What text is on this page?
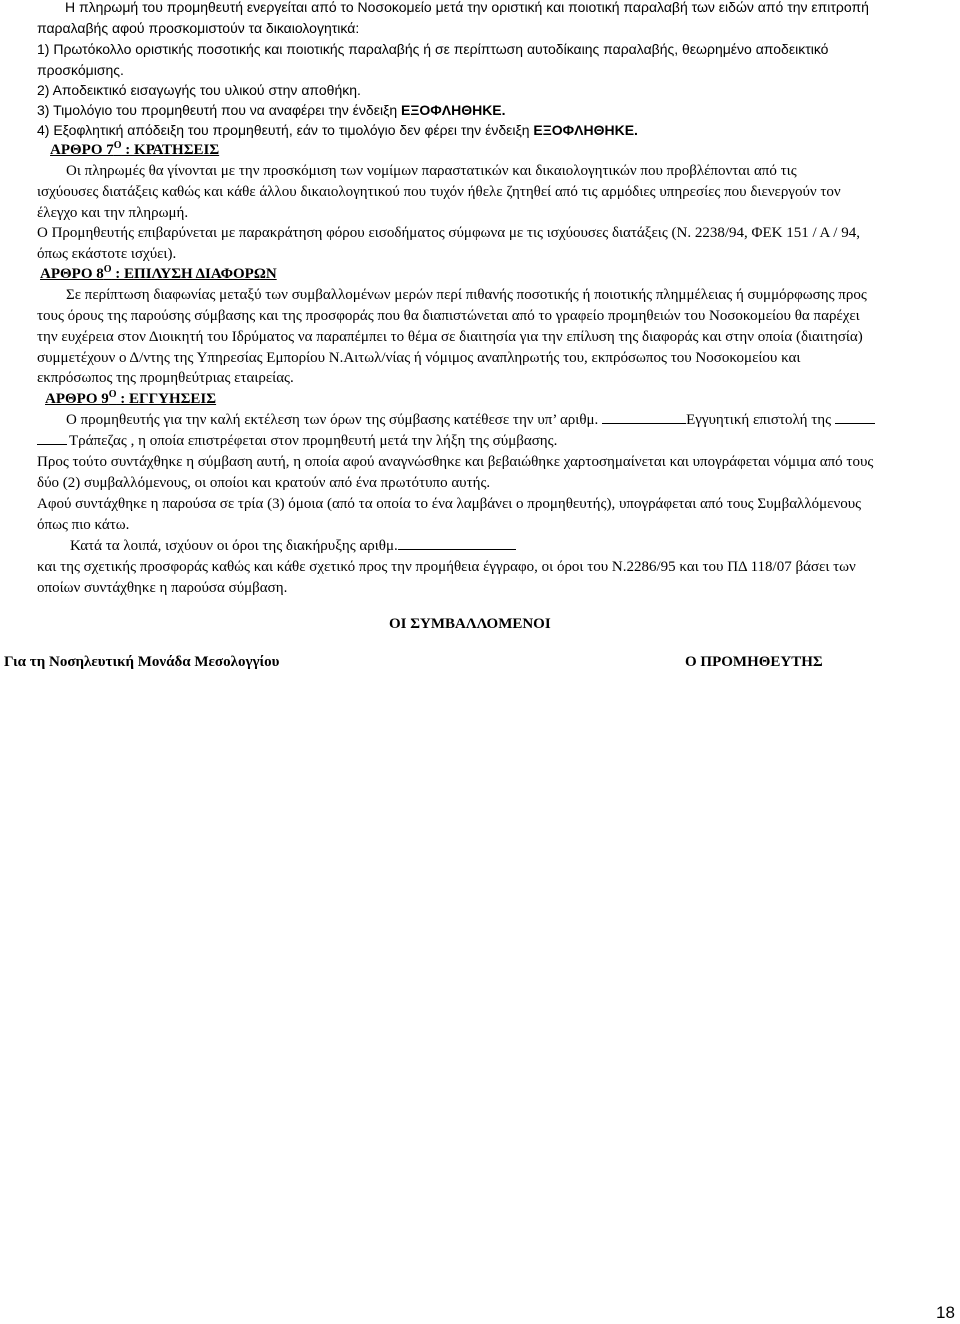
Η πληρωμή του προμηθευτή ενεργείται από το Νοσοκομείο μετά την οριστική και ποιοτική παραλαβή των ειδών από την επιτροπή
παραλαβής αφού προσκομιστούν τα δικαιολογητικά:
1) Πρωτόκολλο οριστικής ποσοτικής και ποιοτικής παραλαβής ή σε περίπτωση αυτοδίκαιης παραλαβής, θεωρημένο αποδεικτικό
προσκόμισης.
2) Αποδεικτικό εισαγωγής του υλικού στην αποθήκη.
3) Τιμολόγιο του προμηθευτή που να αναφέρει την ένδειξη ΕΞΟΦΛΗΘΗΚΕ.
4) Εξοφλητική απόδειξη του προμηθευτή, εάν το τιμολόγιο δεν φέρει την ένδειξη ΕΞΟΦΛΗΘΗΚΕ.
ΑΡΘΡΟ $7^O$ : ΚΡΑΤΗΣΕΙΣ
Οι πληρωμές θα γίνονται με την προσκόμιση των νομίμων παραστατικών και δικαιολογητικών που προβλέπονται από τις
ισχύουσες διατάξεις καθώς και κάθε άλλου δικαιολογητικού που τυχόν ήθελε ζητηθεί από τις αρμόδιες υπηρεσίες που διενεργούν τον
έλεγχο και την πληρωμή.
Ο Προμηθευτής επιβαρύνεται με παρακράτηση φόρου εισοδήματος σύμφωνα με τις ισχύουσες διατάξεις (Ν. 2238/94, ΦΕΚ 151 / Α / 94,
όπως εκάστοτε ισχύει).
ΑΡΘΡΟ $8^O$ : ΕΠΙΛΥΣΗ ΔΙΑΦΟΡΩΝ
Σε περίπτωση διαφωνίας μεταξύ των συμβαλλομένων μερών περί πιθανής ποσοτικής ή ποιοτικής πλημμέλειας ή συμμόρφωσης προς
τους όρους της παρούσης σύμβασης και της προσφοράς που θα διαπιστώνεται από το γραφείο προμηθειών του Νοσοκομείου θα παρέχει
την ευχέρεια στον Διοικητή του Ιδρύματος να παραπέμπει το θέμα σε διαιτησία για την επίλυση της διαφοράς και στην οποία (διαιτησία)
συμμετέχουν ο Δ/ντης της Υπηρεσίας Εμπορίου Ν.Αιτωλ/νίας ή νόμιμος αναπληρωτής του, εκπρόσωπος του Νοσοκομείου και
εκπρόσωπος της προμηθεύτριας εταιρείας.
ΑΡΘΡΟ $9^O$ : ΕΓΓΥΗΣΕΙΣ
Ο προμηθευτής για την καλή εκτέλεση των όρων της σύμβασης κατέθεσε την υπ’ αριθμ.	Εγγυητική επιστολή της
Τράπεζας , η οποία επιστρέφεται στον προμηθευτή μετά την λήξη της σύμβασης.
Προς τούτο συντάχθηκε η σύμβαση αυτή, η οποία αφού αναγνώσθηκε και βεβαιώθηκε χαρτοσημαίνεται και υπογράφεται νόμιμα από τους
δύο (2) συμβαλλόμενους, οι οποίοι και κρατούν από ένα πρωτότυπο αυτής.
Αφού συντάχθηκε η παρούσα σε τρία (3) όμοια (από τα οποία το ένα λαμβάνει ο προμηθευτής), υπογράφεται από τους Συμβαλλόμενους
όπως πιο κάτω.
Κατά τα λοιπά, ισχύουν οι όροι της διακήρυξης αριθμ.
και της σχετικής προσφοράς καθώς και κάθε σχετικό προς την προμήθεια έγγραφο, οι όροι του Ν.2286/95 και του ΠΔ 118/07 βάσει των
οποίων συντάχθηκε η παρούσα σύμβαση.
ΟΙ ΣΥΜΒΑΛΛΟΜΕΝΟΙ
Για τη Νοσηλευτική Μονάδα Μεσολογγίου	Ο ΠΡΟΜΗΘΕΥΤΗΣ
18
